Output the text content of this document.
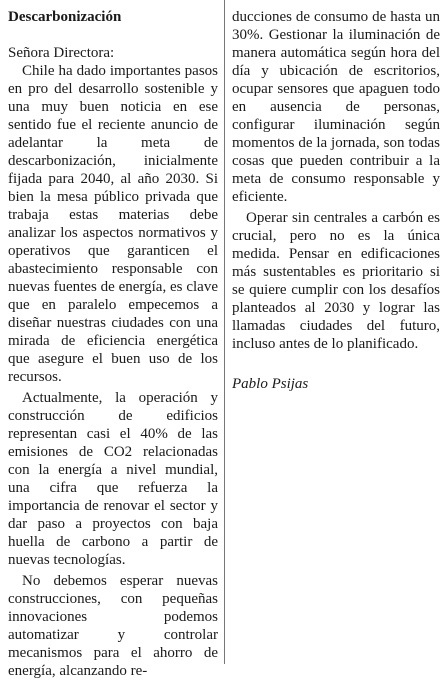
Descarbonización

Señora Directora:

Chile ha dado importantes pasos en pro del desarrollo sostenible y una muy buen noticia en ese sentido fue el reciente anuncio de adelantar la meta de descarbonización, inicialmente fijada para 2040, al año 2030. Si bien la mesa público privada que trabaja estas materias debe analizar los aspectos normativos y operativos que garanticen el abastecimiento responsable con nuevas fuentes de energía, es clave que en paralelo empecemos a diseñar nuestras ciudades con una mirada de eficiencia energética que asegure el buen uso de los recursos.

Actualmente, la operación y construcción de edificios representan casi el 40% de las emisiones de CO2 relacionadas con la energía a nivel mundial, una cifra que refuerza la importancia de renovar el sector y dar paso a proyectos con baja huella de carbono a partir de nuevas tecnologías.

No debemos esperar nuevas construcciones, con pequeñas innovaciones podemos automatizar y controlar mecanismos para el ahorro de energía, alcanzando re-

ducciones de consumo de hasta un 30%. Gestionar la iluminación de manera automática según hora del día y ubicación de escritorios, ocupar sensores que apaguen todo en ausencia de personas, configurar iluminación según momentos de la jornada, son todas cosas que pueden contribuir a la meta de consumo responsable y eficiente.

Operar sin centrales a carbón es crucial, pero no es la única medida. Pensar en edificaciones más sustentables es prioritario si se quiere cumplir con los desafíos planteados al 2030 y lograr las llamadas ciudades del futuro, incluso antes de lo planificado.

Pablo Psijas
